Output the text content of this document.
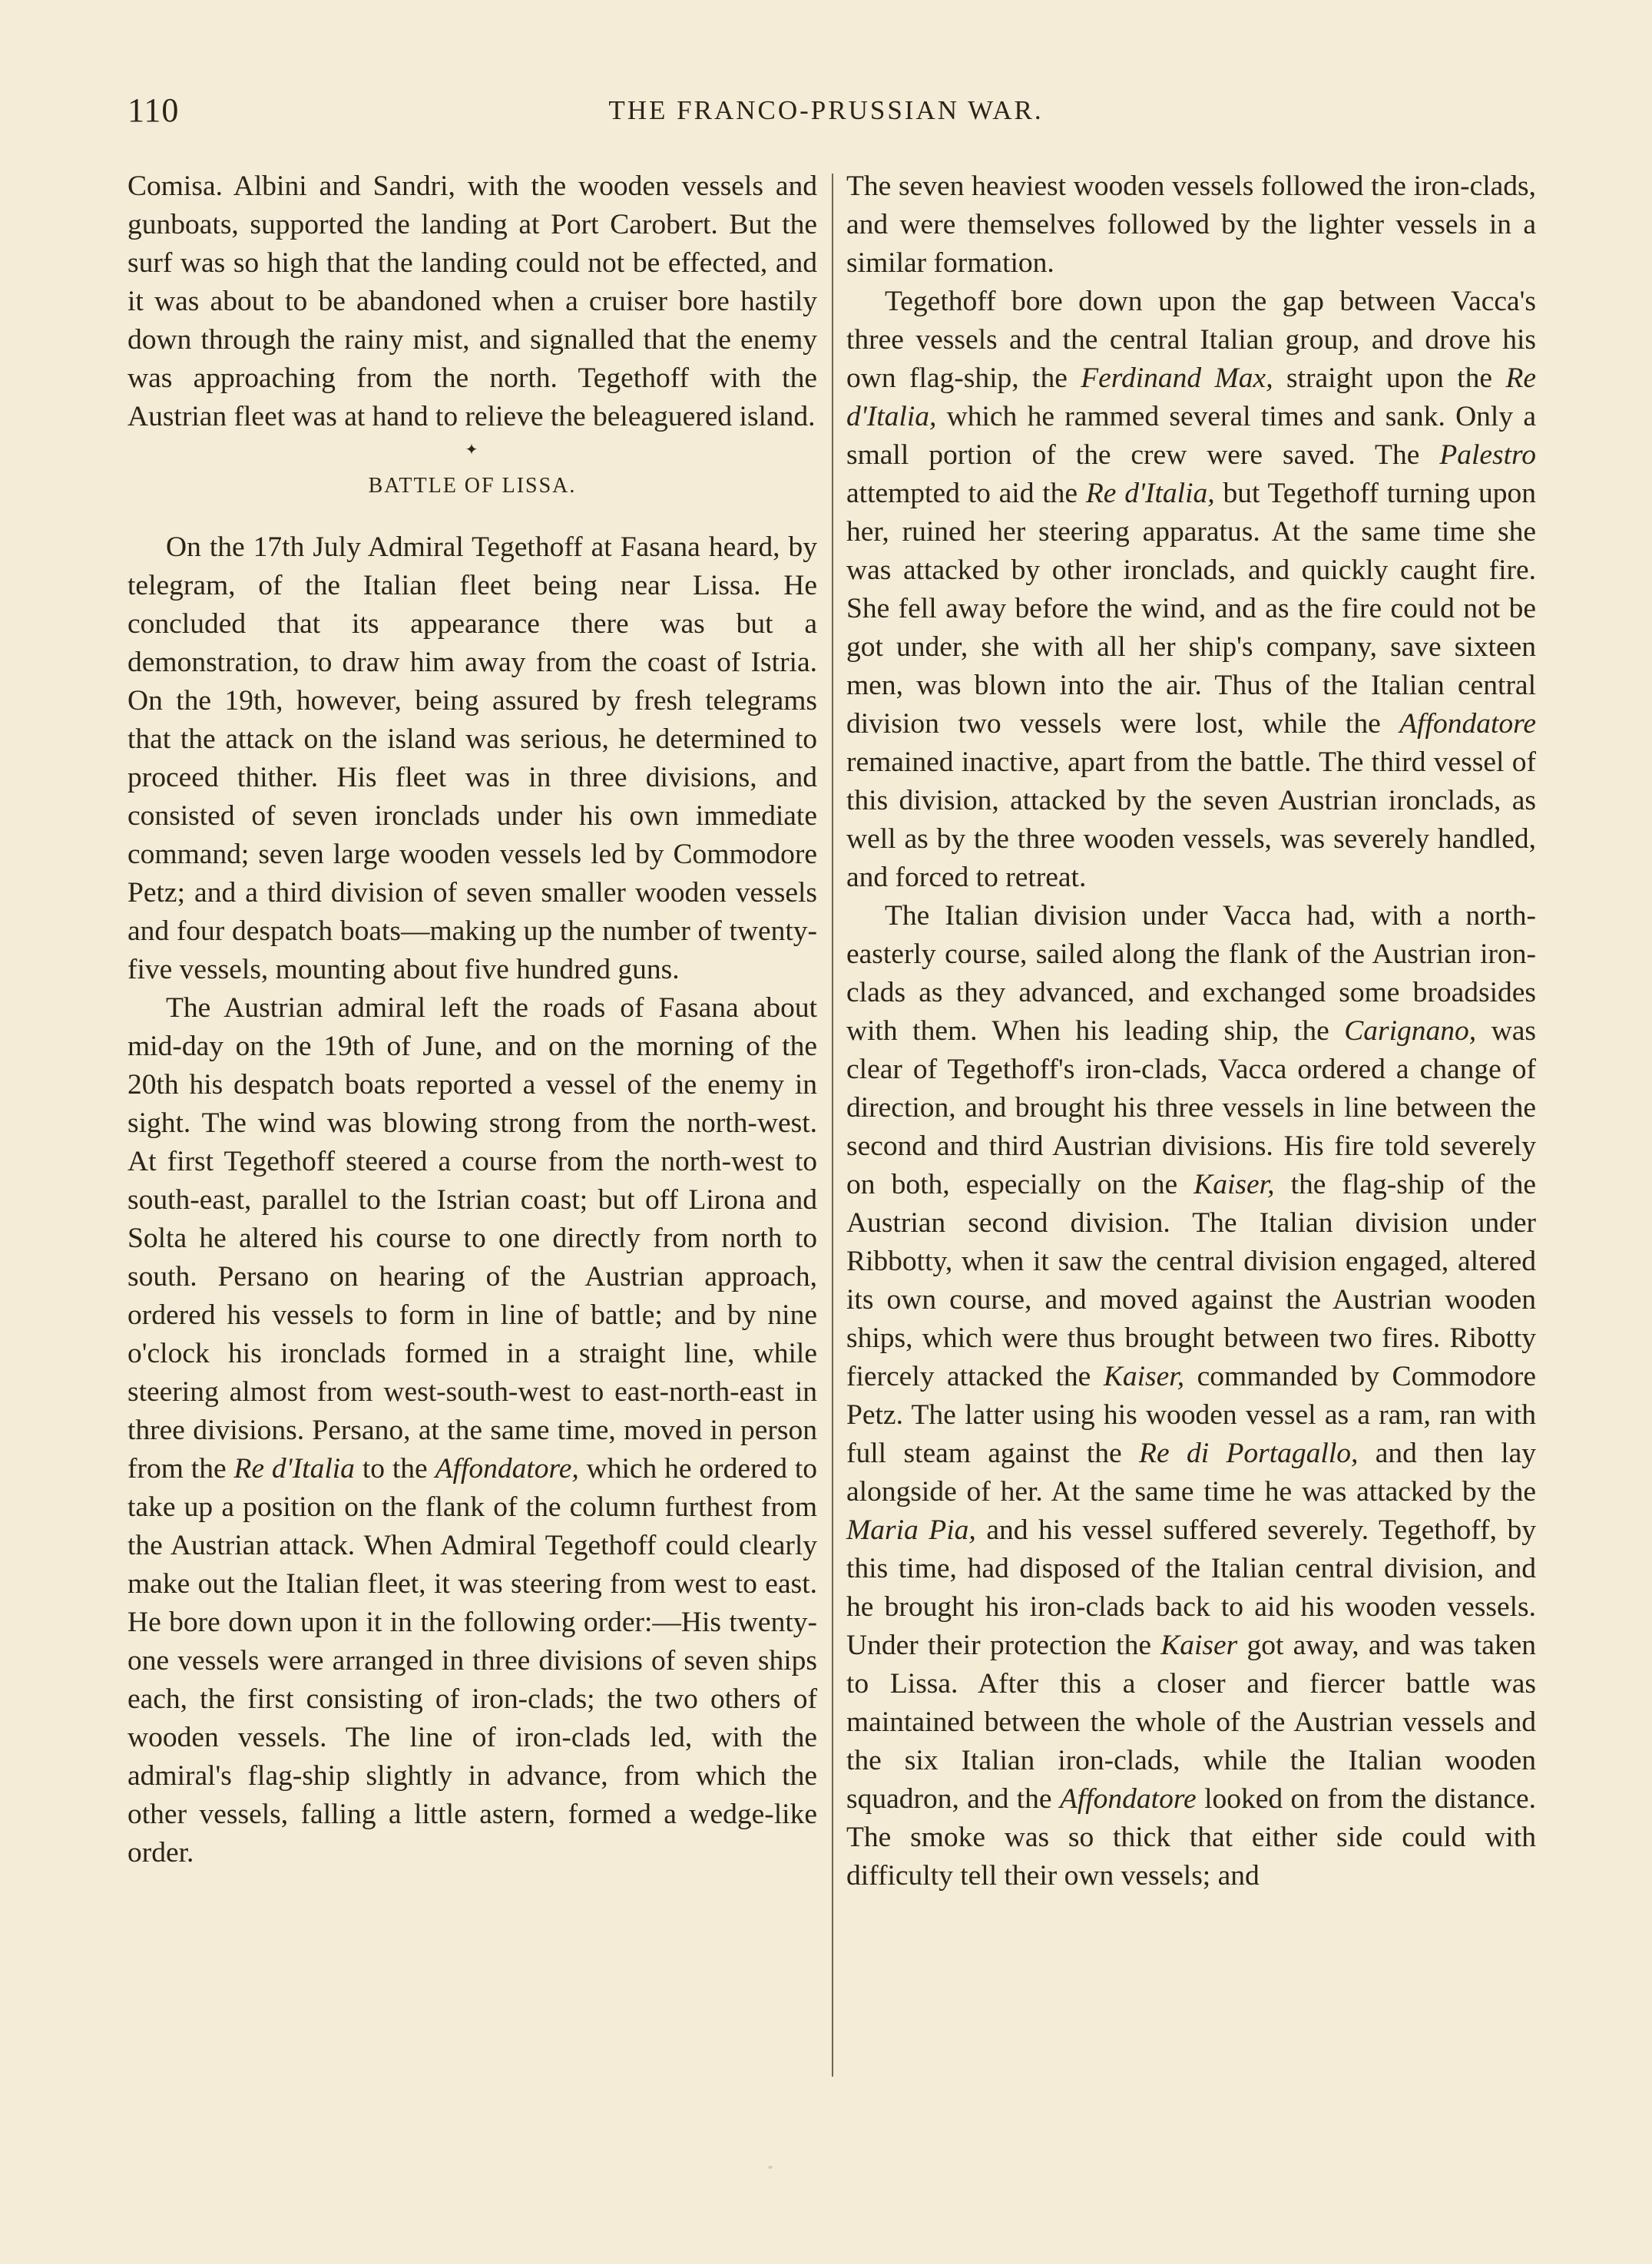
110	THE FRANCO-PRUSSIAN WAR.

Comisa. Albini and Sandri, with the wooden vessels and gunboats, supported the landing at Port Carobert. But the surf was so high that the landing could not be effected, and it was about to be abandoned when a cruiser bore hastily down through the rainy mist, and signalled that the enemy was approaching from the north. Tegethoff with the Austrian fleet was at hand to relieve the beleaguered island.

✦
BATTLE OF LISSA.

On the 17th July Admiral Tegethoff at Fasana heard, by telegram, of the Italian fleet being near Lissa. He concluded that its appearance there was but a demonstration, to draw him away from the coast of Istria. On the 19th, however, being assured by fresh telegrams that the attack on the island was serious, he determined to proceed thither. His fleet was in three divisions, and consisted of seven ironclads under his own immediate command; seven large wooden vessels led by Commodore Petz; and a third division of seven smaller wooden vessels and four despatch boats—making up the number of twenty-five vessels, mounting about five hundred guns.

The Austrian admiral left the roads of Fasana about mid-day on the 19th of June, and on the morning of the 20th his despatch boats reported a vessel of the enemy in sight. The wind was blowing strong from the north-west. At first Tegethoff steered a course from the north-west to south-east, parallel to the Istrian coast; but off Lirona and Solta he altered his course to one directly from north to south. Persano on hearing of the Austrian approach, ordered his vessels to form in line of battle; and by nine o'clock his ironclads formed in a straight line, while steering almost from west-south-west to east-north-east in three divisions. Persano, at the same time, moved in person from the Re d'Italia to the Affondatore, which he ordered to take up a position on the flank of the column furthest from the Austrian attack. When Admiral Tegethoff could clearly make out the Italian fleet, it was steering from west to east. He bore down upon it in the following order:—His twenty-one vessels were arranged in three divisions of seven ships each, the first consisting of iron-clads; the two others of wooden vessels. The line of iron-clads led, with the admiral's flag-ship slightly in advance, from which the other vessels, falling a little astern, formed a wedge-like order.

The seven heaviest wooden vessels followed the iron-clads, and were themselves followed by the lighter vessels in a similar formation.

Tegethoff bore down upon the gap between Vacca's three vessels and the central Italian group, and drove his own flag-ship, the Ferdinand Max, straight upon the Re d'Italia, which he rammed several times and sank. Only a small portion of the crew were saved. The Palestro attempted to aid the Re d'Italia, but Tegethoff turning upon her, ruined her steering apparatus. At the same time she was attacked by other ironclads, and quickly caught fire. She fell away before the wind, and as the fire could not be got under, she with all her ship's company, save sixteen men, was blown into the air. Thus of the Italian central division two vessels were lost, while the Affondatore remained inactive, apart from the battle. The third vessel of this division, attacked by the seven Austrian ironclads, as well as by the three wooden vessels, was severely handled, and forced to retreat.

The Italian division under Vacca had, with a north-easterly course, sailed along the flank of the Austrian iron-clads as they advanced, and exchanged some broadsides with them. When his leading ship, the Carignano, was clear of Tegethoff's iron-clads, Vacca ordered a change of direction, and brought his three vessels in line between the second and third Austrian divisions. His fire told severely on both, especially on the Kaiser, the flag-ship of the Austrian second division. The Italian division under Ribbotty, when it saw the central division engaged, altered its own course, and moved against the Austrian wooden ships, which were thus brought between two fires. Ribotty fiercely attacked the Kaiser, commanded by Commodore Petz. The latter using his wooden vessel as a ram, ran with full steam against the Re di Portagallo, and then lay alongside of her. At the same time he was attacked by the Maria Pia, and his vessel suffered severely. Tegethoff, by this time, had disposed of the Italian central division, and he brought his iron-clads back to aid his wooden vessels. Under their protection the Kaiser got away, and was taken to Lissa. After this a closer and fiercer battle was maintained between the whole of the Austrian vessels and the six Italian iron-clads, while the Italian wooden squadron, and the Affondatore looked on from the distance. The smoke was so thick that either side could with difficulty tell their own vessels; and
